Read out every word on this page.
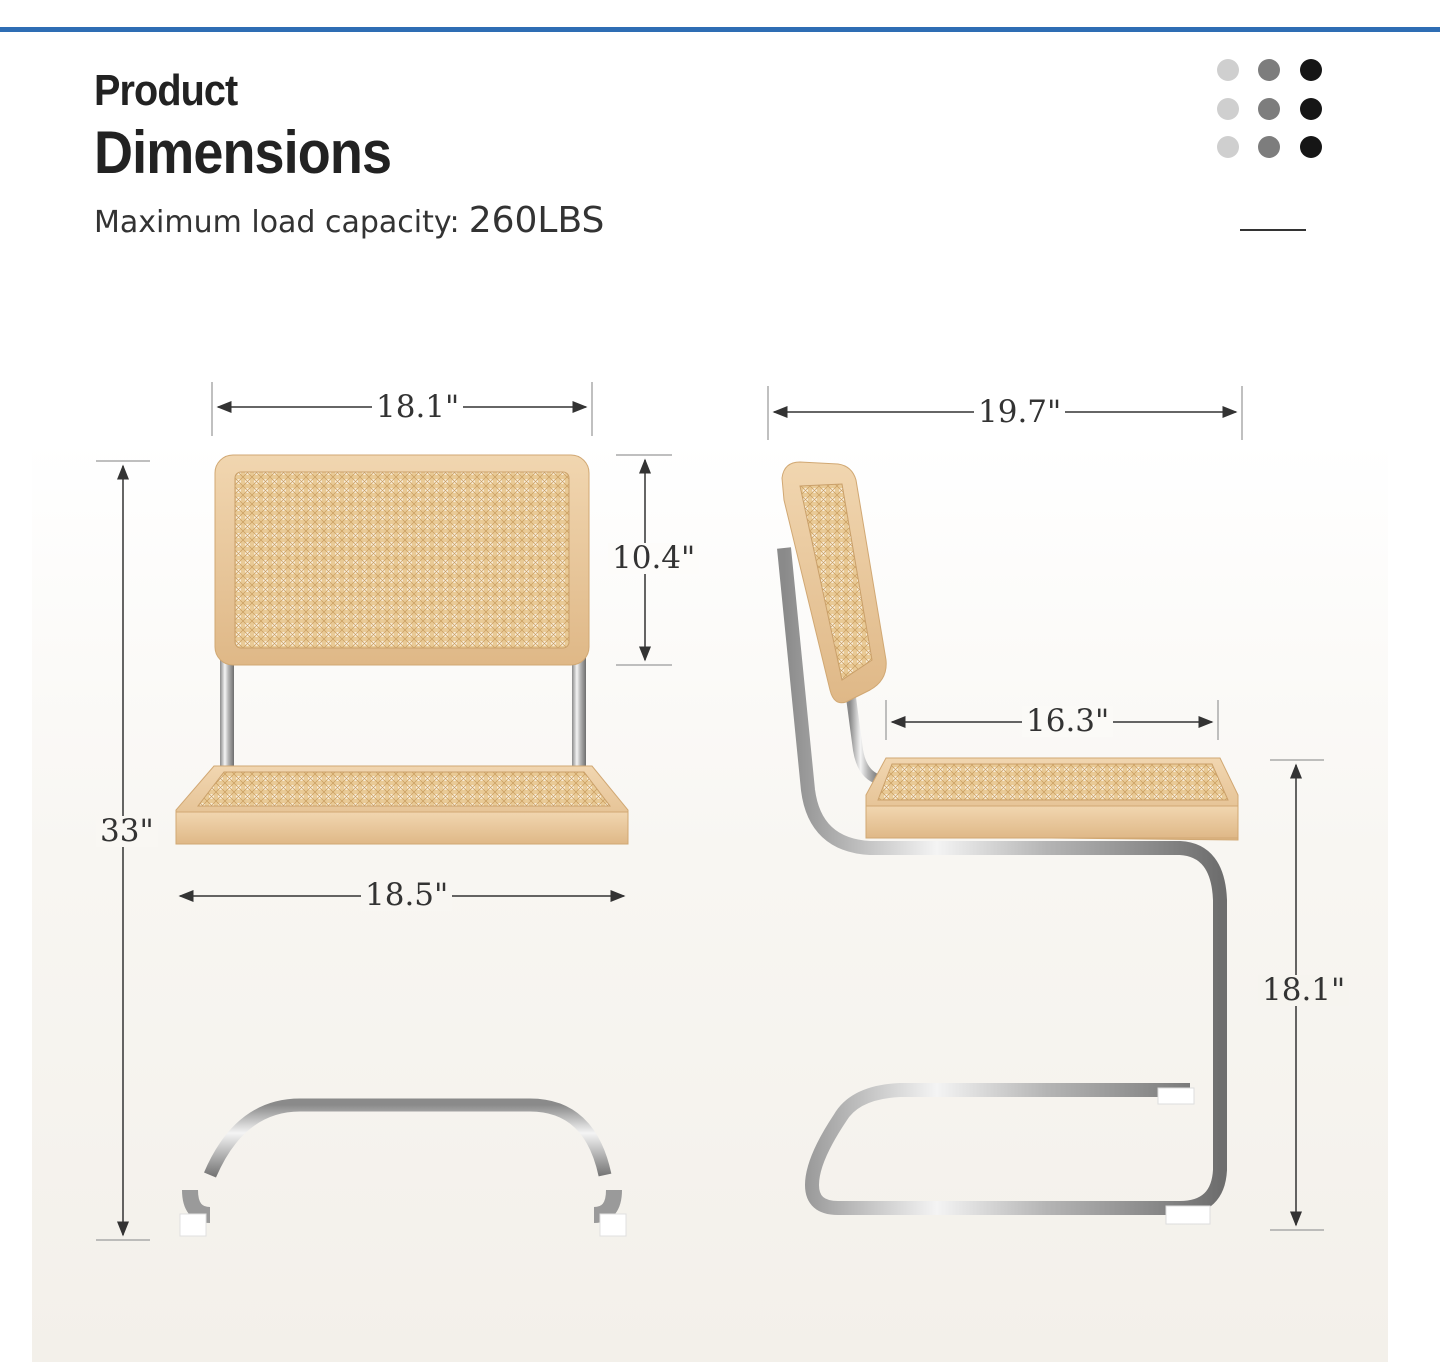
Product
Dimensions
Maximum load capacity: 260LBS
18.1"
10.4"
33"
18.5"
19.7"
16.3"
18.1"
